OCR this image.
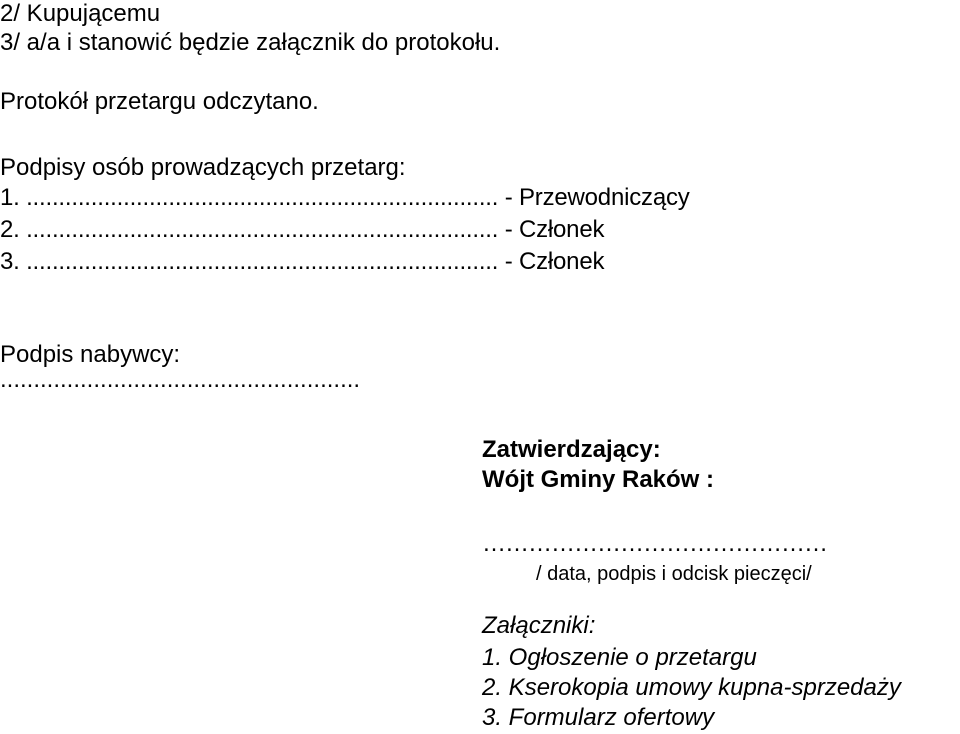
2/ Kupującemu
3/ a/a i stanowić będzie załącznik do protokołu.
Protokół przetargu odczytano.
Podpisy osób prowadzących przetarg:
1. ......................................................................... - Przewodniczący
2. ......................................................................... - Członek
3. ......................................................................... - Członek
Podpis nabywcy:
......................................................
Zatwierdzający:
Wójt Gminy Raków :
………………………………………
/ data, podpis i odcisk pieczęci/
Załączniki:
1. Ogłoszenie o przetargu
2. Kserokopia umowy kupna-sprzedaży
3. Formularz ofertowy
